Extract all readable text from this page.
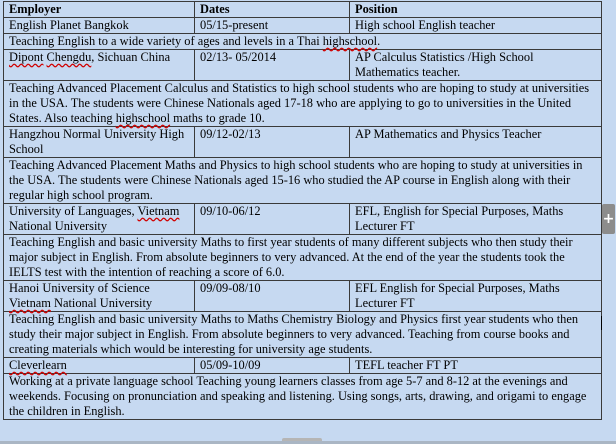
Employer	Dates	Position
English Planet Bangkok	05/15-present	High school English teacher
Teaching English to a wide variety of ages and levels in a Thai highschool.		
Dipont Chengdu, Sichuan China	02/13- 05/2014	AP Calculus Statistics /High School Mathematics teacher.
Teaching Advanced Placement Calculus and Statistics to high school students who are hoping to study at universities in the USA. The students were Chinese Nationals aged 17-18 who are applying to go to universities in the United States. Also teaching highschool maths to grade 10.		
Hangzhou Normal University High School	09/12-02/13	AP Mathematics and Physics Teacher
Teaching Advanced Placement Maths and Physics to high school students who are hoping to study at universities in the USA. The students were Chinese Nationals aged 15-16 who studied the AP course in English along with their regular high school program.		
University of Languages, Vietnam National University	09/10-06/12	EFL, English for Special Purposes, Maths Lecturer FT
Teaching English and basic university Maths to first year students of many different subjects who then study their major subject in English. From absolute beginners to very advanced. At the end of the year the students took the IELTS test with the intention of reaching a score of 6.0.		
Hanoi University of Science Vietnam National University	09/09-08/10	EFL English for Special Purposes, Maths Lecturer FT
Teaching English and basic university Maths to Maths Chemistry Biology and Physics first year students who then study their major subject in English. From absolute beginners to very advanced. Teaching from course books and creating materials which would be interesting for university age students.		
Cleverlearn	05/09-10/09	TEFL teacher FT PT
Working at a private language school Teaching young learners classes from age 5-7 and 8-12 at the evenings and weekends. Focusing on pronunciation and speaking and listening. Using songs, arts, drawing, and origami to engage the children in English.		
+
